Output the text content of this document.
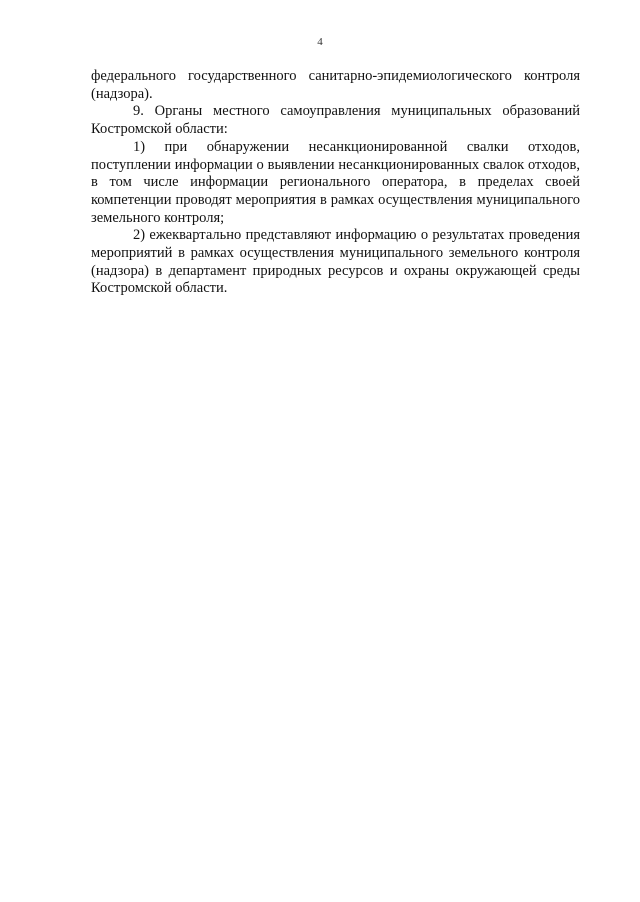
4

федерального государственного санитарно-эпидемиологического контроля (надзора).

9. Органы местного самоуправления муниципальных образований Костромской области:

1) при обнаружении несанкционированной свалки отходов, поступлении информации о выявлении несанкционированных свалок отходов, в том числе информации регионального оператора, в пределах своей компетенции проводят мероприятия в рамках осуществления муниципального земельного контроля;

2) ежеквартально представляют информацию о результатах проведения мероприятий в рамках осуществления муниципального земельного контроля (надзора) в департамент природных ресурсов и охраны окружающей среды Костромской области.
